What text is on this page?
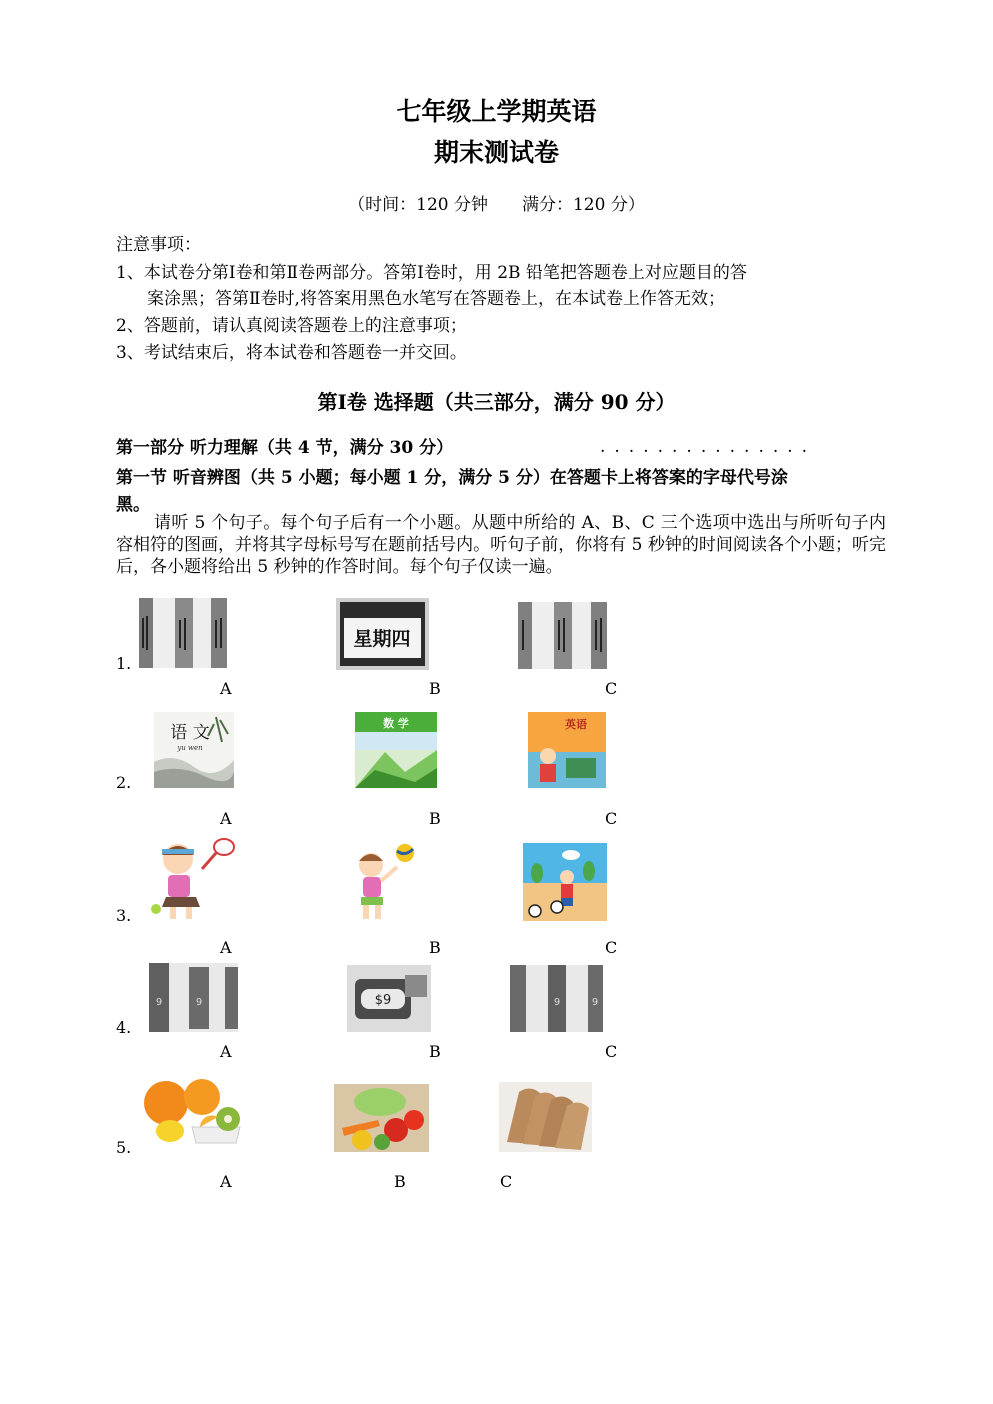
七年级上学期英语
期末测试卷
（时间：120 分钟　　满分：120 分）
注意事项：
1、本试卷分第Ⅰ卷和第Ⅱ卷两部分。答第Ⅰ卷时，用 2B 铅笔把答题卷上对应题目的答
案涂黑；答第Ⅱ卷时,将答案用黑色水笔写在答题卷上，在本试卷上作答无效；
2、答题前，请认真阅读答题卷上的注意事项；
3、考试结束后，将本试卷和答题卷一并交回。
第Ⅰ卷 选择题（共三部分，满分 90 分）
第一部分 听力理解（共 4 节，满分 30 分）	...............
第一节 听音辨图（共 5 小题；每小题 1 分，满分 5 分）在答题卡上将答案的字母代号涂
黑。
请听 5 个句子。每个句子后有一个小题。从题中所给的 A、B、C 三个选项中选出与所听句子内容相符的图画，并将其字母标号写在题前括号内。听句子前，你将有 5 秒钟的时间阅读各个小题；听完后，各小题将给出 5 秒钟的作答时间。每个句子仅读一遍。
1.
星期四
A	B	C
2.
语 文
yu wen
数 学	英语
A	B	C
3.
A	B	C
4.
9	9	$9	9	9
A	B	C
5.
A	B	C
